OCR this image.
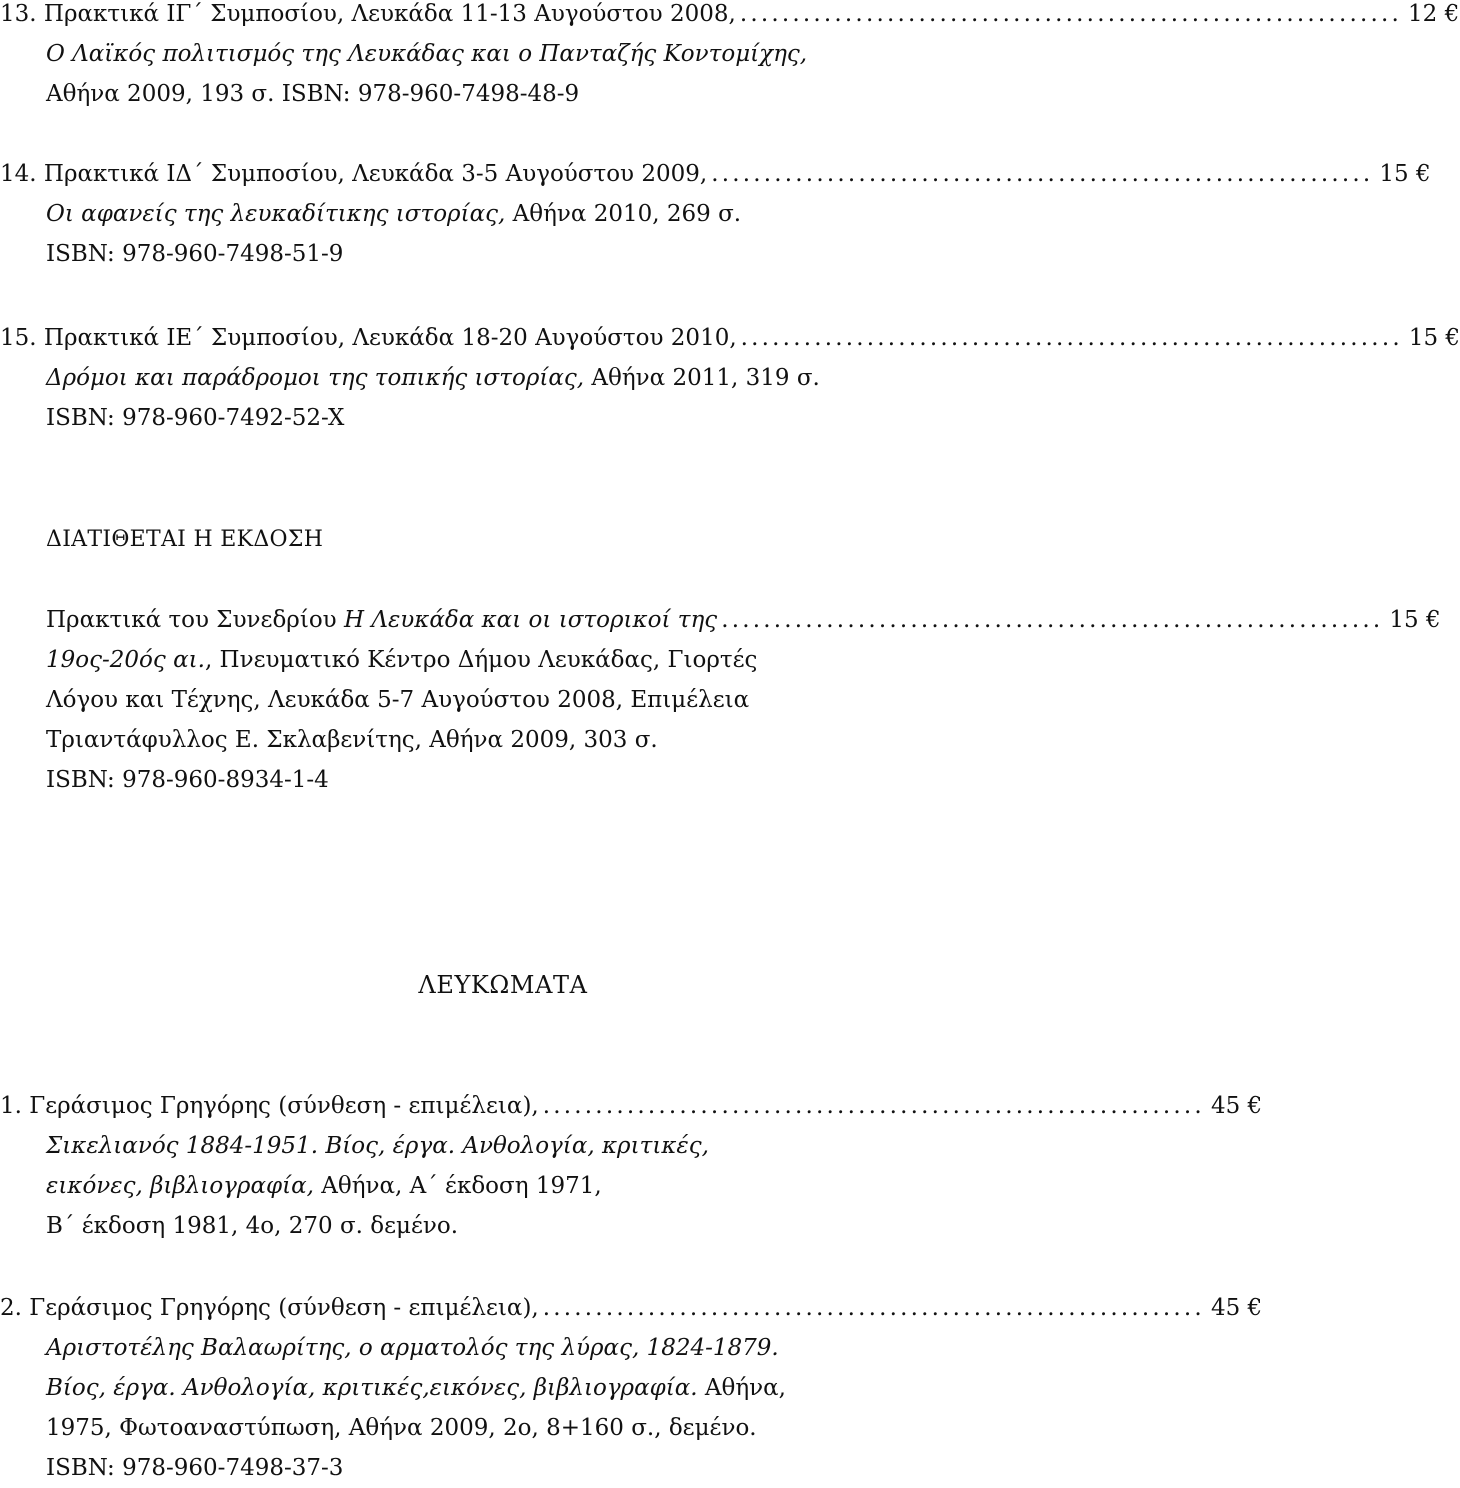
13. Πρακτικά ΙΓ΄ Συμποσίου, Λευκάδα 11-13 Αυγούστου 2008, ............................................................... 12 €
Ο Λαϊκός πολιτισμός της Λευκάδας και ο Πανταζής Κοντομίχης,
Αθήνα 2009, 193 σ. ISBN: 978-960-7498-48-9
14. Πρακτικά ΙΔ΄ Συμποσίου, Λευκάδα 3-5 Αυγούστου 2009, ............................................................... 15 €
Οι αφανείς της λευκαδίτικης ιστορίας, Αθήνα 2010, 269 σ.
ISBN: 978-960-7498-51-9
15. Πρακτικά ΙΕ΄ Συμποσίου, Λευκάδα 18-20 Αυγούστου 2010, ............................................................... 15 €
Δρόμοι και παράδρομοι της τοπικής ιστορίας, Αθήνα 2011, 319 σ.
ISBN: 978-960-7492-52-X
ΔΙΑΤΙΘΕΤΑΙ Η ΕΚΔΟΣΗ
Πρακτικά του Συνεδρίου Η Λευκάδα και οι ιστορικοί της ............................................................... 15 €
19ος-20ός αι., Πνευματικό Κέντρο Δήμου Λευκάδας, Γιορτές
Λόγου και Τέχνης, Λευκάδα 5-7 Αυγούστου 2008, Επιμέλεια
Τριαντάφυλλος Ε. Σκλαβενίτης, Αθήνα 2009, 303 σ.
ISBN: 978-960-8934-1-4
ΛΕΥΚΩΜΑΤΑ
1. Γεράσιμος Γρηγόρης (σύνθεση - επιμέλεια), ............................................................... 45 €
Σικελιανός 1884-1951. Βίος, έργα. Ανθολογία, κριτικές,
εικόνες, βιβλιογραφία, Αθήνα, Α΄ έκδοση 1971,
Β΄ έκδοση 1981, 4ο, 270 σ. δεμένο.
2. Γεράσιμος Γρηγόρης (σύνθεση - επιμέλεια), ............................................................... 45 €
Αριστοτέλης Βαλαωρίτης, ο αρματολός της λύρας, 1824-1879.
Βίος, έργα. Ανθολογία, κριτικές,εικόνες, βιβλιογραφία. Αθήνα,
1975, Φωτοαναστύπωση, Αθήνα 2009, 2ο, 8+160 σ., δεμένο.
ISBN: 978-960-7498-37-3
